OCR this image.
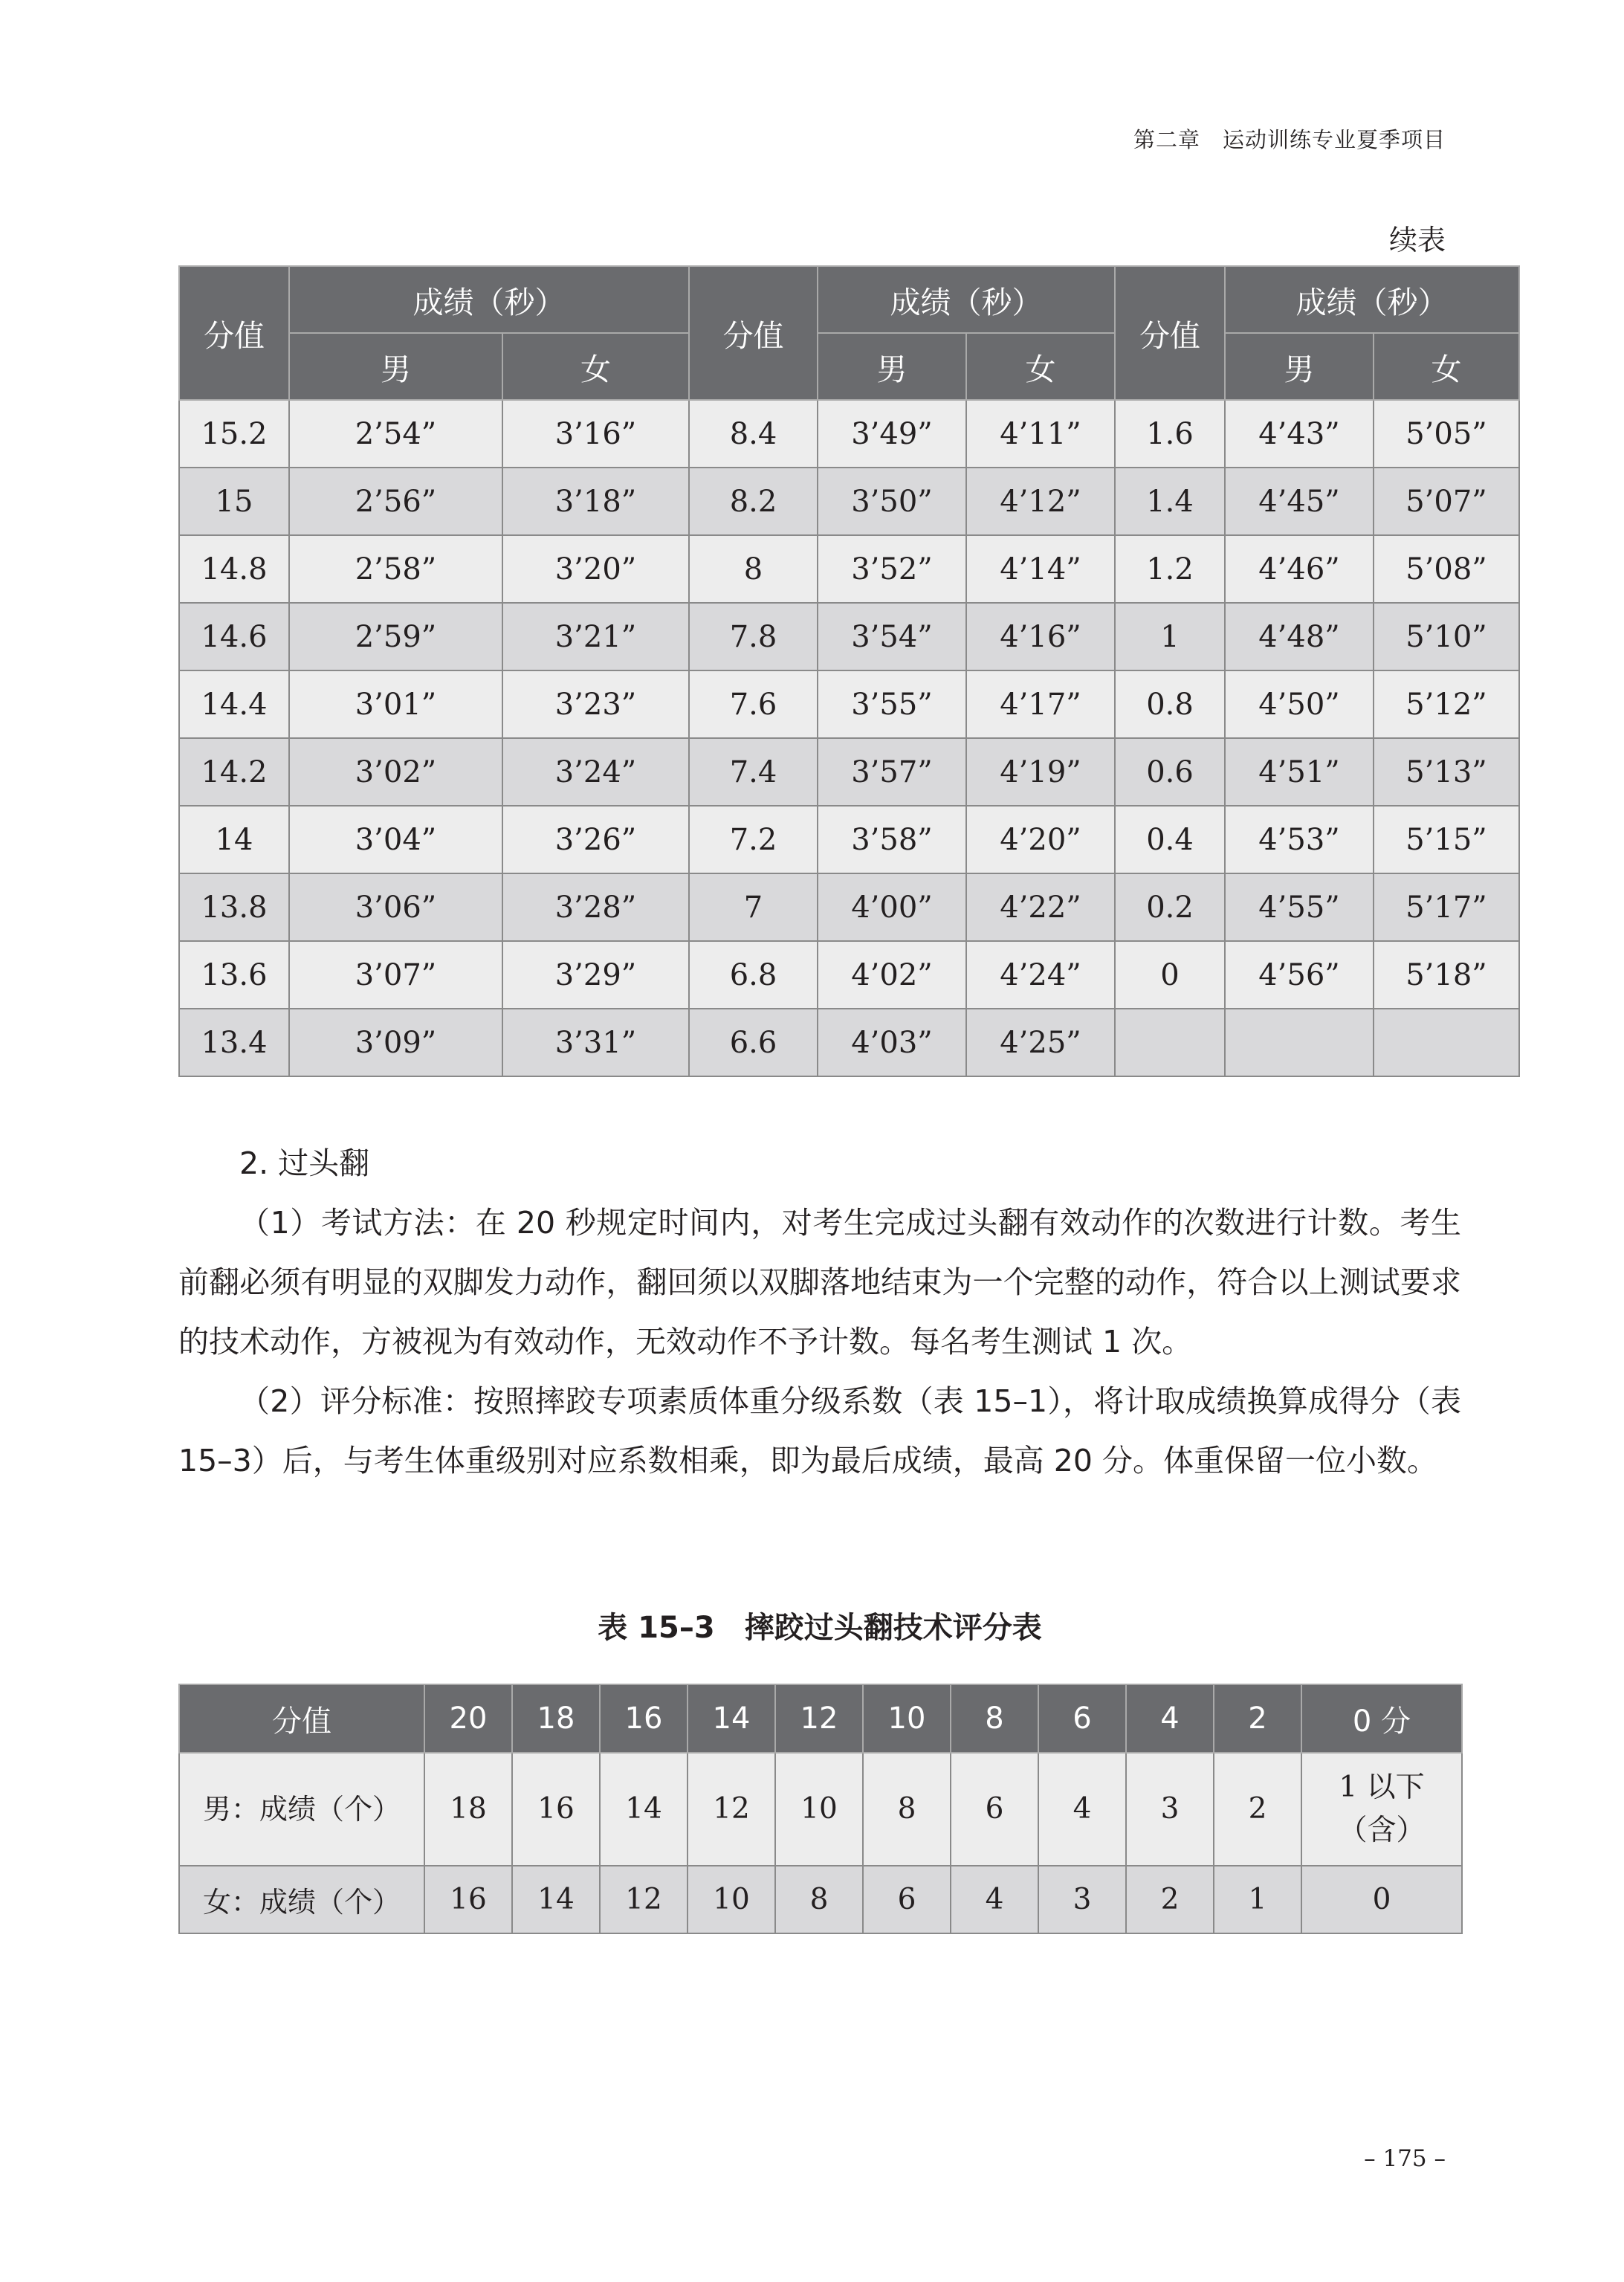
第二章　运动训练专业夏季项目
续表
分值	成绩（秒）		分值	成绩（秒）		分值	成绩（秒）	
	男	女		男	女		男	女
15.2	2’54”	3’16”	8.4	3’49”	4’11”	1.6	4’43”	5’05”
15	2’56”	3’18”	8.2	3’50”	4’12”	1.4	4’45”	5’07”
14.8	2’58”	3’20”	8	3’52”	4’14”	1.2	4’46”	5’08”
14.6	2’59”	3’21”	7.8	3’54”	4’16”	1	4’48”	5’10”
14.4	3’01”	3’23”	7.6	3’55”	4’17”	0.8	4’50”	5’12”
14.2	3’02”	3’24”	7.4	3’57”	4’19”	0.6	4’51”	5’13”
14	3’04”	3’26”	7.2	3’58”	4’20”	0.4	4’53”	5’15”
13.8	3’06”	3’28”	7	4’00”	4’22”	0.2	4’55”	5’17”
13.6	3’07”	3’29”	6.8	4’02”	4’24”	0	4’56”	5’18”
13.4	3’09”	3’31”	6.6	4’03”	4’25”			

2. 过头翻

（1）考试方法：在 20 秒规定时间内，对考生完成过头翻有效动作的次数进行计数。考生前翻必须有明显的双脚发力动作，翻回须以双脚落地结束为一个完整的动作，符合以上测试要求的技术动作，方被视为有效动作，无效动作不予计数。每名考生测试 1 次。

（2）评分标准：按照摔跤专项素质体重分级系数（表 15–1），将计取成绩换算成得分（表 15–3）后，与考生体重级别对应系数相乘，即为最后成绩，最高 20 分。体重保留一位小数。

表 15–3　摔跤过头翻技术评分表
分值	20	18	16	14	12	10	8	6	4	2	0 分
男：成绩（个）	18	16	14	12	10	8	6	4	3	2	1 以下
（含）

女：成绩（个）	16	14	12	10	8	6	4	3	2	1	0
– 175 –
